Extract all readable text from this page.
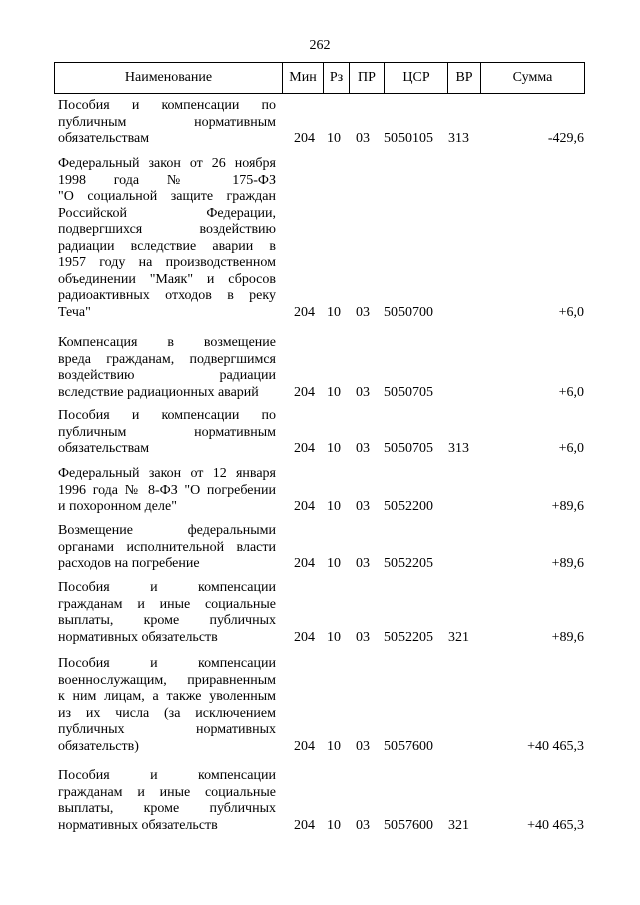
262
Наименование	Мин Рз	ПР	ЦСР	ВР	Сумма
Пособия и компенсации по
публичным нормативным
обязательствам	204 10 03 5050105 313	-429,6
Федеральный закон от 26 ноября
1998 года № 175-ФЗ
"О социальной защите граждан
Российской Федерации,
подвергшихся воздействию
радиации вследствие аварии в
1957 году на производственном
объединении "Маяк" и сбросов
радиоактивных отходов в реку
Теча"	204 10 03 5050700	+6,0
Компенсация в возмещение
вреда гражданам, подвергшимся
воздействию радиации
вследствие радиационных аварий	204 10 03 5050705	+6,0
Пособия и компенсации по
публичным нормативным
обязательствам	204 10 03 5050705 313	+6,0
Федеральный закон от 12 января
1996 года № 8-ФЗ "О погребении
и похоронном деле"	204 10 03 5052200	+89,6
Возмещение федеральными
органами исполнительной власти
расходов на погребение	204 10 03 5052205	+89,6
Пособия и компенсации
гражданам и иные социальные
выплаты, кроме публичных
нормативных обязательств	204 10 03 5052205 321	+89,6
Пособия и компенсации
военнослужащим, приравненным
к ним лицам, а также уволенным
из их числа (за исключением
публичных нормативных
обязательств)	204 10 03 5057600	+40 465,3
Пособия и компенсации
гражданам и иные социальные
выплаты, кроме публичных
нормативных обязательств	204 10 03 5057600 321	+40 465,3
